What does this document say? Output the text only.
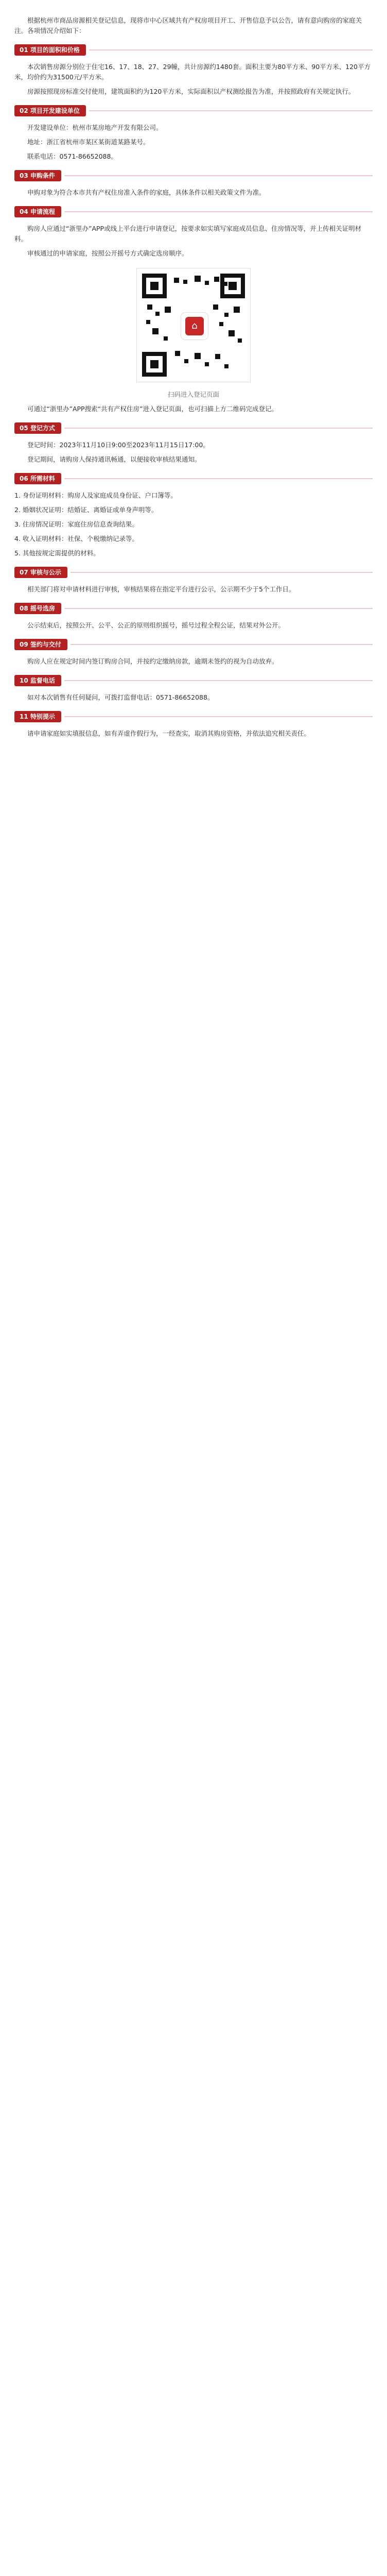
根据杭州市商品房源相关登记信息，现将市中心区域共有产权房项目开工、开售信息予以公告，请有意向购房的家庭关注。各项情况介绍如下：

01 项目的面积和价格

本次销售房源分别位于住宅16、17、18、27、29幢，共计房源约1480套。面积主要为80平方米、90平方米、120平方米，均价约为31500元/平方米。

房源按照现房标准交付使用，建筑面积约为120平方米，实际面积以产权测绘报告为准，并按照政府有关规定执行。

02 项目开发建设单位

开发建设单位：杭州市某房地产开发有限公司。

地址：浙江省杭州市某区某街道某路某号。

联系电话：0571-86652088。

03 申购条件

申购对象为符合本市共有产权住房准入条件的家庭，具体条件以相关政策文件为准。

04 申请流程

购房人应通过“浙里办”APP或线上平台进行申请登记，按要求如实填写家庭成员信息、住房情况等，并上传相关证明材料。

审核通过的申请家庭，按照公开摇号方式确定选房顺序。

⌂

扫码进入登记页面

可通过“浙里办”APP搜索“共有产权住房”进入登记页面，也可扫描上方二维码完成登记。

05 登记方式

登记时间：2023年11月10日9:00至2023年11月15日17:00。

登记期间，请购房人保持通讯畅通，以便接收审核结果通知。

06 所需材料

1. 身份证明材料：购房人及家庭成员身份证、户口簿等。

2. 婚姻状况证明：结婚证、离婚证或单身声明等。

3. 住房情况证明：家庭住房信息查询结果。

4. 收入证明材料：社保、个税缴纳记录等。

5. 其他按规定需提供的材料。

07 审核与公示

相关部门将对申请材料进行审核，审核结果将在指定平台进行公示，公示期不少于5个工作日。

08 摇号选房

公示结束后，按照公开、公平、公正的原则组织摇号，摇号过程全程公证，结果对外公开。

09 签约与交付

购房人应在规定时间内签订购房合同，并按约定缴纳房款，逾期未签约的视为自动放弃。

10 监督电话

如对本次销售有任何疑问，可拨打监督电话：0571-86652088。

11 特别提示

请申请家庭如实填报信息，如有弄虚作假行为，一经查实，取消其购房资格，并依法追究相关责任。
